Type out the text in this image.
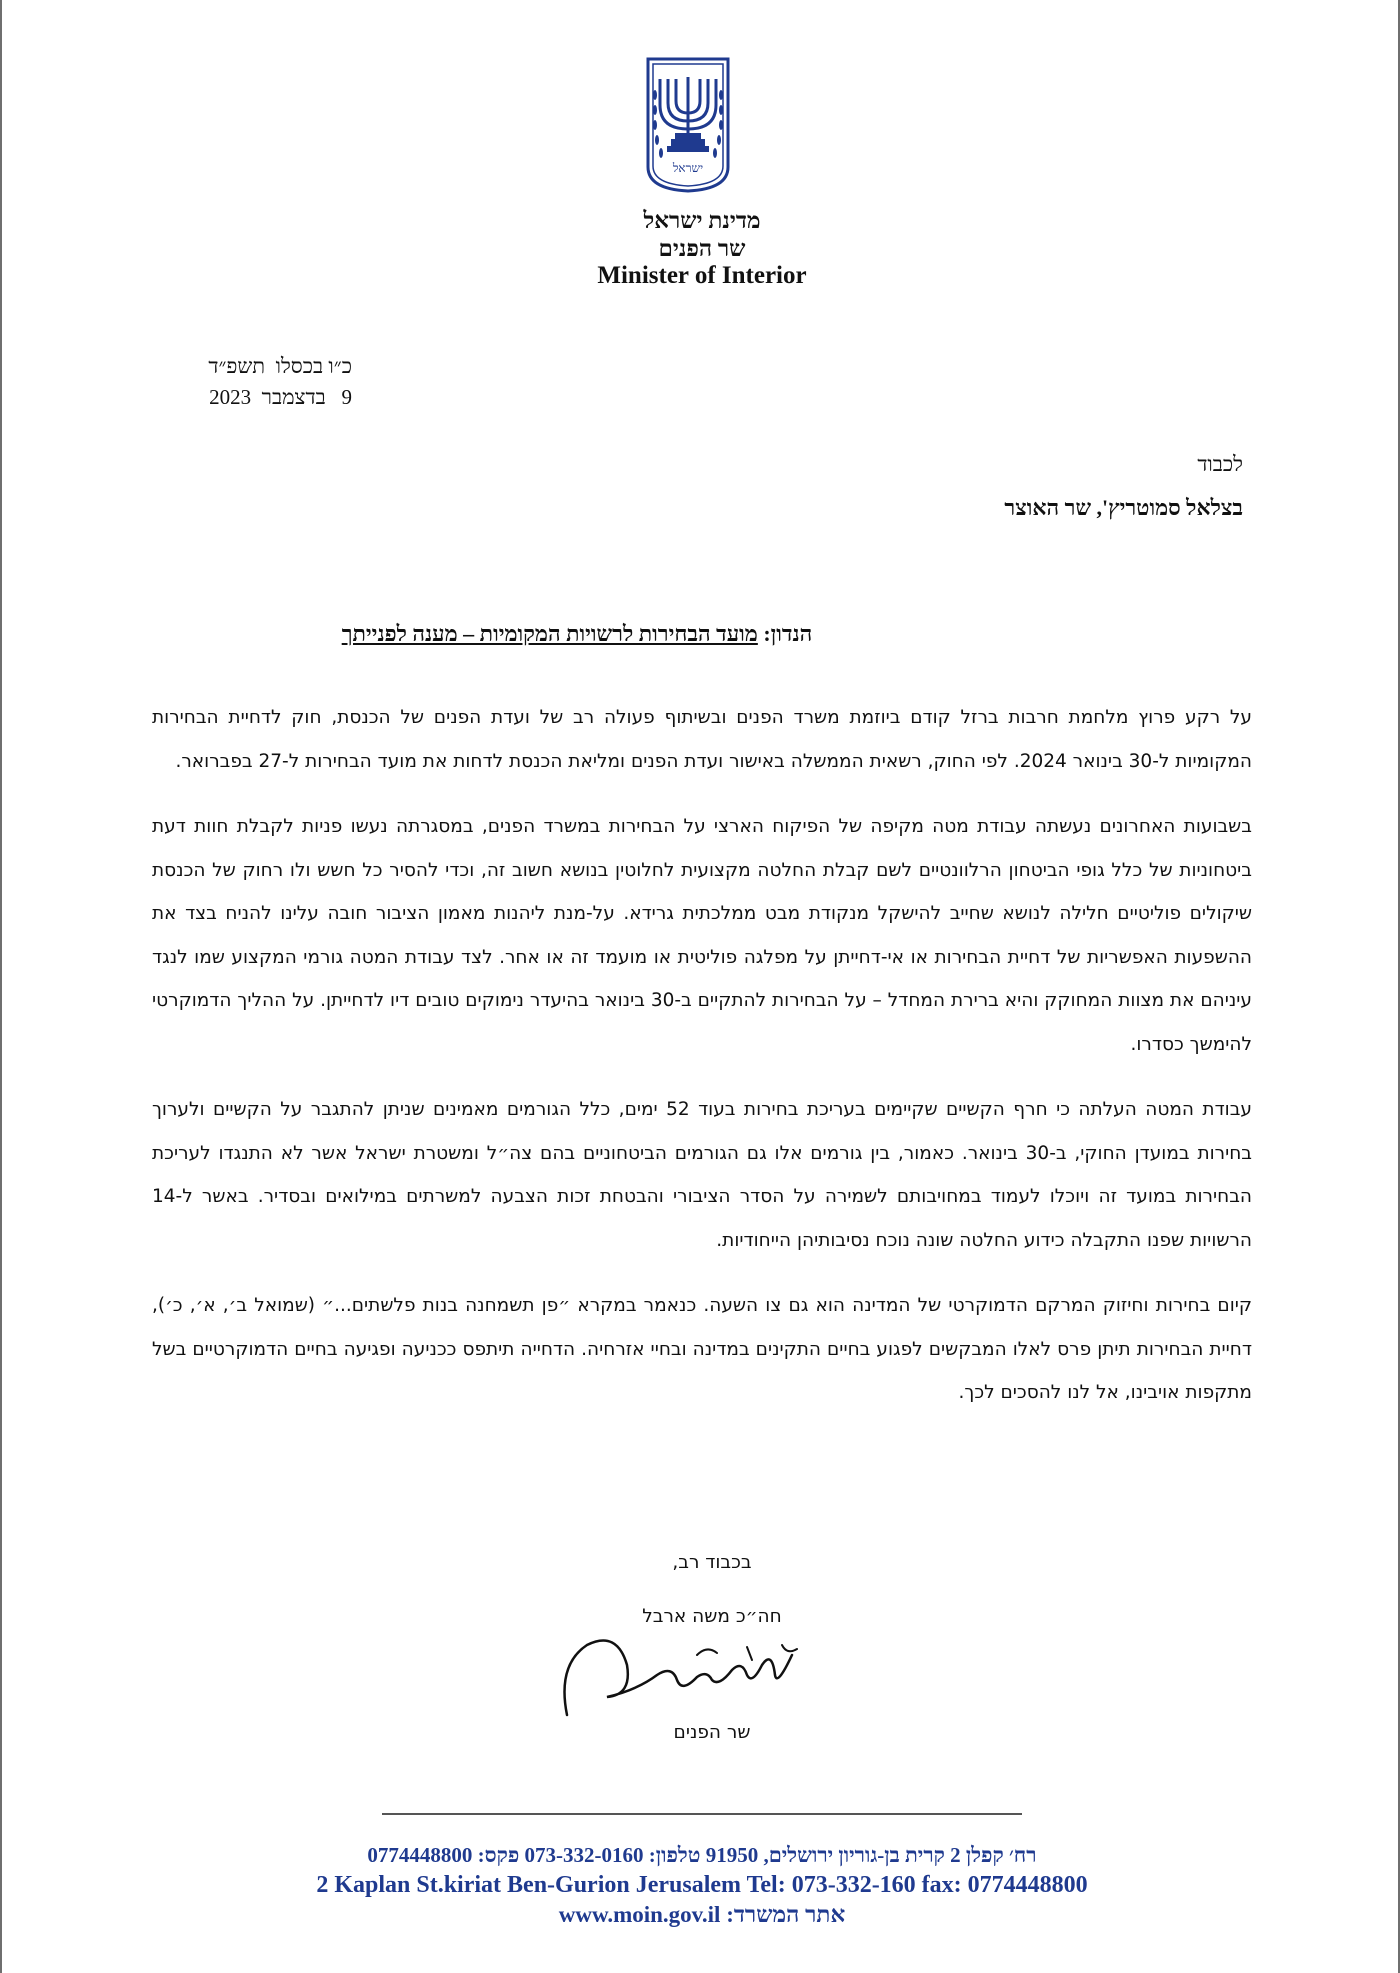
ישראל
מדינת ישראל
שר הפנים
Minister of Interior
כ״ו בכסלו  תשפ״ד
9   בדצמבר  2023
לכבוד
בצלאל סמוטריץ', שר האוצר
הנדון: מועד הבחירות לרשויות המקומיות – מענה לפנייתך

על רקע פרוץ מלחמת חרבות ברזל קודם ביוזמת משרד הפנים ובשיתוף פעולה רב של ועדת הפנים של הכנסת, חוק לדחיית הבחירות המקומיות ל-30 בינואר 2024. לפי החוק, רשאית הממשלה באישור ועדת הפנים ומליאת הכנסת לדחות את מועד הבחירות ל-27 בפברואר.

בשבועות האחרונים נעשתה עבודת מטה מקיפה של הפיקוח הארצי על הבחירות במשרד הפנים, במסגרתה נעשו פניות לקבלת חוות דעת ביטחוניות של כלל גופי הביטחון הרלוונטיים לשם קבלת החלטה מקצועית לחלוטין בנושא חשוב זה, וכדי להסיר כל חשש ולו רחוק של הכנסת שיקולים פוליטיים חלילה לנושא שחייב להישקל מנקודת מבט ממלכתית גרידא. על-מנת ליהנות מאמון הציבור חובה עלינו להניח בצד את ההשפעות האפשריות של דחיית הבחירות או אי-דחייתן על מפלגה פוליטית או מועמד זה או אחר. לצד עבודת המטה גורמי המקצוע שמו לנגד עיניהם את מצוות המחוקק והיא ברירת המחדל – על הבחירות להתקיים ב-30 בינואר בהיעדר נימוקים טובים דיו לדחייתן. על ההליך הדמוקרטי להימשך כסדרו.

עבודת המטה העלתה כי חרף הקשיים שקיימים בעריכת בחירות בעוד 52 ימים, כלל הגורמים מאמינים שניתן להתגבר על הקשיים ולערוך בחירות במועדן החוקי, ב-30 בינואר. כאמור, בין גורמים אלו גם הגורמים הביטחוניים בהם צה״ל ומשטרת ישראל אשר לא התנגדו לעריכת הבחירות במועד זה ויוכלו לעמוד במחויבותם לשמירה על הסדר הציבורי והבטחת זכות הצבעה למשרתים במילואים ובסדיר. באשר ל-14 הרשויות שפנו התקבלה כידוע החלטה שונה נוכח נסיבותיהן הייחודיות.

קיום בחירות וחיזוק המרקם הדמוקרטי של המדינה הוא גם צו השעה. כנאמר במקרא ״פן תשמחנה בנות פלשתים...״ (שמואל ב׳, א׳, כ׳), דחיית הבחירות תיתן פרס לאלו המבקשים לפגוע בחיים התקינים במדינה ובחיי אזרחיה. הדחייה תיתפס ככניעה ופגיעה בחיים הדמוקרטיים בשל מתקפות אויבינו, אל לנו להסכים לכך.

בכבוד רב,
חה״כ משה ארבל
שר הפנים
רח׳ קפלן 2 קרית בן-גוריון ירושלים, 91950 טלפון: 073-332-0160 פקס: 0774448800
2 Kaplan St.kiriat Ben-Gurion Jerusalem Tel: 073-332-160 fax: 0774448800
www.moin.gov.il אתר המשרד:
